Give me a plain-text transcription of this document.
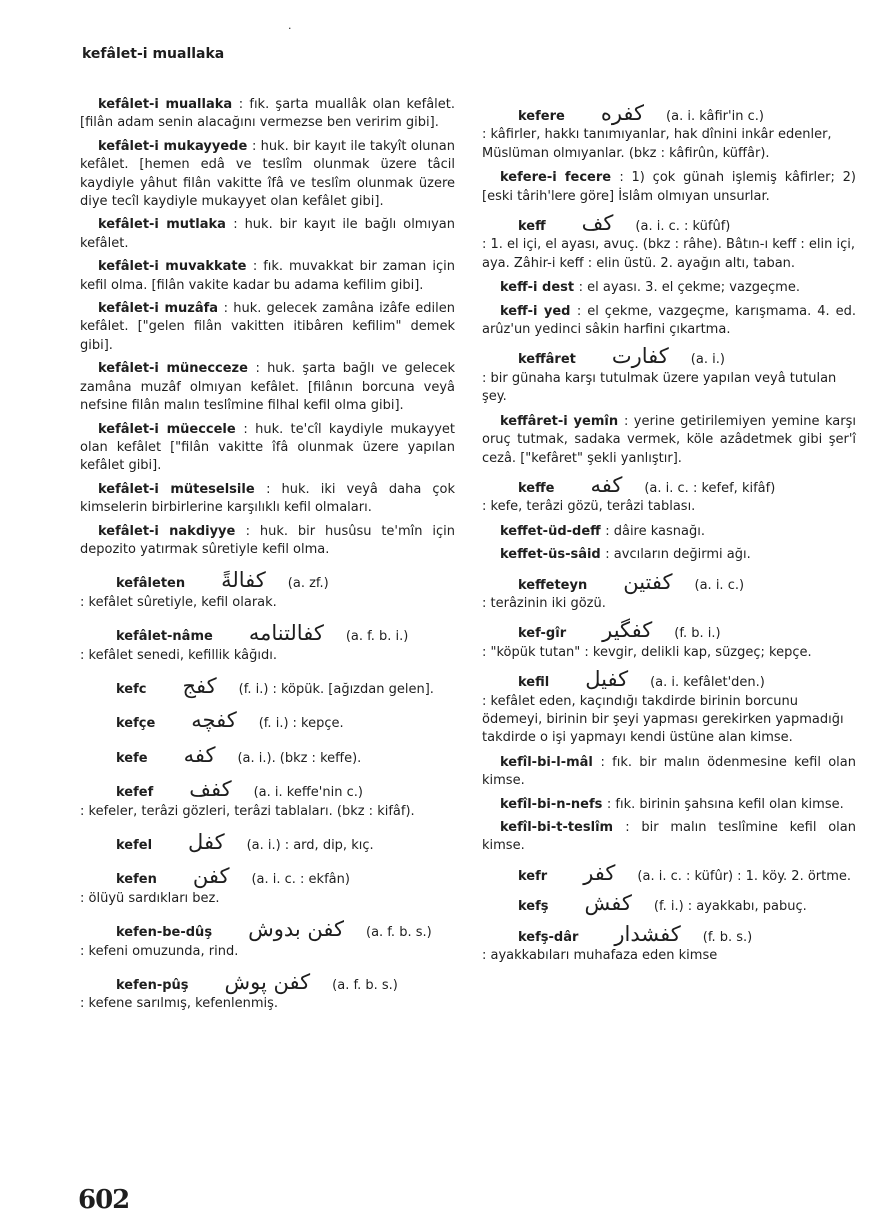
kefâlet-i muallaka
kefâlet-i muallaka : fık. şarta muallâk olan kefâlet. [filân adam senin alacağını vermezse ben veririm gibi].
kefâlet-i mukayyede : huk. bir kayıt ile takyît olunan kefâlet. [hemen edâ ve teslîm olunmak üzere tâcil kaydiyle yâhut filân vakitte îfâ ve teslîm olunmak üzere diye tecîl kaydiyle mukayyet olan kefâlet gibi].
kefâlet-i mutlaka : huk. bir kayıt ile bağlı olmıyan kefâlet.
kefâlet-i muvakkate : fık. muvakkat bir zaman için kefil olma. [filân vakite kadar bu adama kefilim gibi].
kefâlet-i muzâfa : huk. gelecek zamâna izâfe edilen kefâlet. ["gelen filân vakitten itibâren kefilim" demek gibi].
kefâlet-i münecceze : huk. şarta bağlı ve gelecek zamâna muzâf olmıyan kefâlet. [filânın borcuna veyâ nefsine filân malın teslîmine filhal kefil olma gibi].
kefâlet-i müeccele : huk. te'cîl kaydiyle mukayyet olan kefâlet ["filân vakitte îfâ olunmak üzere yapılan kefâlet gibi].
kefâlet-i müteselsile : huk. iki veyâ daha çok kimselerin birbirlerine karşılıklı kefil olmaları.
kefâlet-i nakdiyye : huk. bir husûsu te'mîn için depozito yatırmak sûretiyle kefil olma.
kefâleten كفالةً (a. zf.)
: kefâlet sûretiyle, kefil olarak.
kefâlet-nâme كفالتنامه (a. f. b. i.)
: kefâlet senedi, kefillik kâğıdı.
kefc كفج (f. i.) : köpük. [ağızdan gelen].
kefçe كفچه (f. i.) : kepçe.
kefe كفه (a. i.). (bkz : keffe).
kefef كفف (a. i. keffe'nin c.)
: kefeler, terâzi gözleri, terâzi tablaları. (bkz : kifâf).
kefel كفل (a. i.) : ard, dip, kıç.
kefen كفن (a. i. c. : ekfân)
: ölüyü sardıkları bez.
kefen-be-dûş كفن بدوش (a. f. b. s.)
: kefeni omuzunda, rind.
kefen-pûş كفن پوش (a. f. b. s.)
: kefene sarılmış, kefenlenmiş.
kefere كفره (a. i. kâfir'in c.)
: kâfirler, hakkı tanımıyanlar, hak dînini inkâr edenler, Müslüman olmıyanlar. (bkz : kâfirûn, küffâr).
kefere-i fecere : 1) çok günah işlemiş kâfirler; 2) [eski târih'lere göre] İslâm olmıyan unsurlar.
keff كف (a. i. c. : küfûf)
: 1. el içi, el ayası, avuç. (bkz : râhe). Bâtın-ı keff : elin içi, aya. Zâhir-i keff : elin üstü. 2. ayağın altı, taban.
keff-i dest : el ayası. 3. el çekme; vazgeçme.
keff-i yed : el çekme, vazgeçme, karışmama. 4. ed. arûz'un yedinci sâkin harfini çıkartma.
keffâret كفارت (a. i.)
: bir günaha karşı tutulmak üzere yapılan veyâ tutulan şey.
keffâret-i yemîn : yerine getirilemiyen yemine karşı oruç tutmak, sadaka vermek, köle azâdetmek gibi şer'î cezâ. ["kefâret" şekli yanlıştır].
keffe كفه (a. i. c. : kefef, kifâf)
: kefe, terâzi gözü, terâzi tablası.
keffet-üd-deff : dâire kasnağı.
keffet-üs-sâid : avcıların değirmi ağı.
keffeteyn كفتين (a. i. c.)
: terâzinin iki gözü.
kef-gîr كفگير (f. b. i.)
: "köpük tutan" : kevgir, delikli kap, süzgeç; kepçe.
kefil كفيل (a. i. kefâlet'den.)
: kefâlet eden, kaçındığı takdirde birinin borcunu ödemeyi, birinin bir şeyi yapması gerekirken yapmadığı takdirde o işi yapmayı kendi üstüne alan kimse.
kefîl-bi-l-mâl : fık. bir malın ödenmesine kefil olan kimse.
kefîl-bi-n-nefs : fık. birinin şahsına kefil olan kimse.
kefîl-bi-t-teslîm : bir malın teslîmine kefil olan kimse.
kefr كفر (a. i. c. : küfûr) : 1. köy. 2. örtme.
kefş كفش (f. i.) : ayakkabı, pabuç.
kefş-dâr كفشدار (f. b. s.)
: ayakkabıları muhafaza eden kimse
602
·
